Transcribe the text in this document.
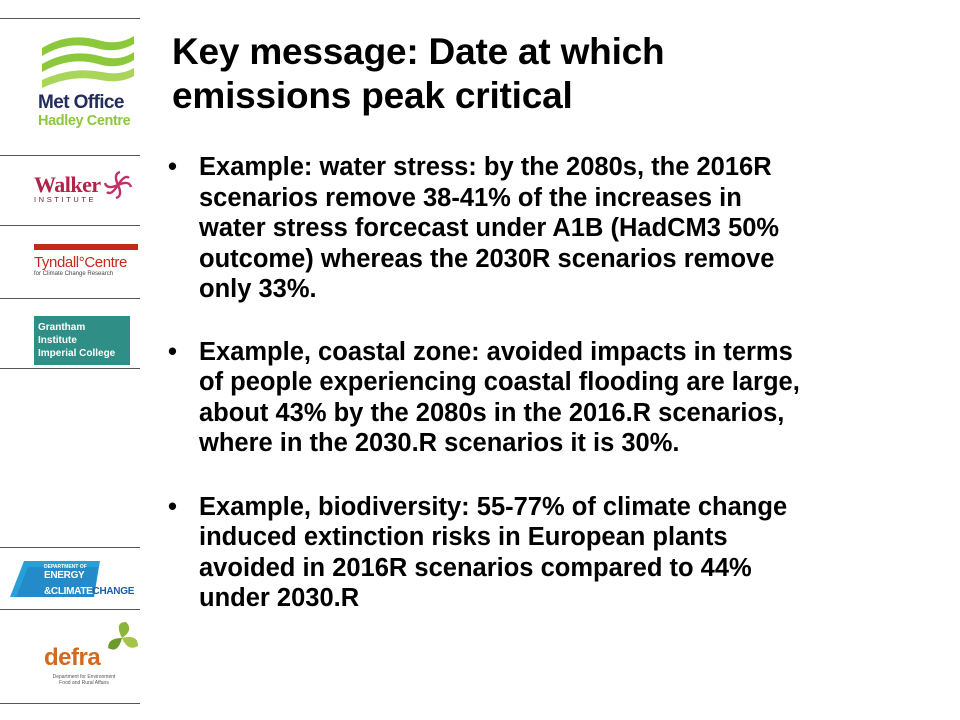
Met Office
Hadley Centre
Walker
INSTITUTE
Tyndall°Centre
for Climate Change Research
Grantham Institute
Imperial College
DEPARTMENT OF
ENERGY
&CLIMATECHANGE
defra
Department for Environment
Food and Rural Affairs
Key message: Date at which
emissions peak critical
• Example: water stress: by the 2080s, the 2016R
scenarios remove 38-41% of the increases in
water stress forcecast under A1B (HadCM3 50%
outcome) whereas the 2030R scenarios remove
only 33%.
• Example, coastal zone: avoided impacts in terms
of people experiencing coastal flooding are large,
about 43% by the 2080s in the 2016.R scenarios,
where in the 2030.R scenarios it is 30%.
• Example, biodiversity: 55-77% of climate change
induced extinction risks in European plants
avoided in 2016R scenarios compared to 44%
under 2030.R
